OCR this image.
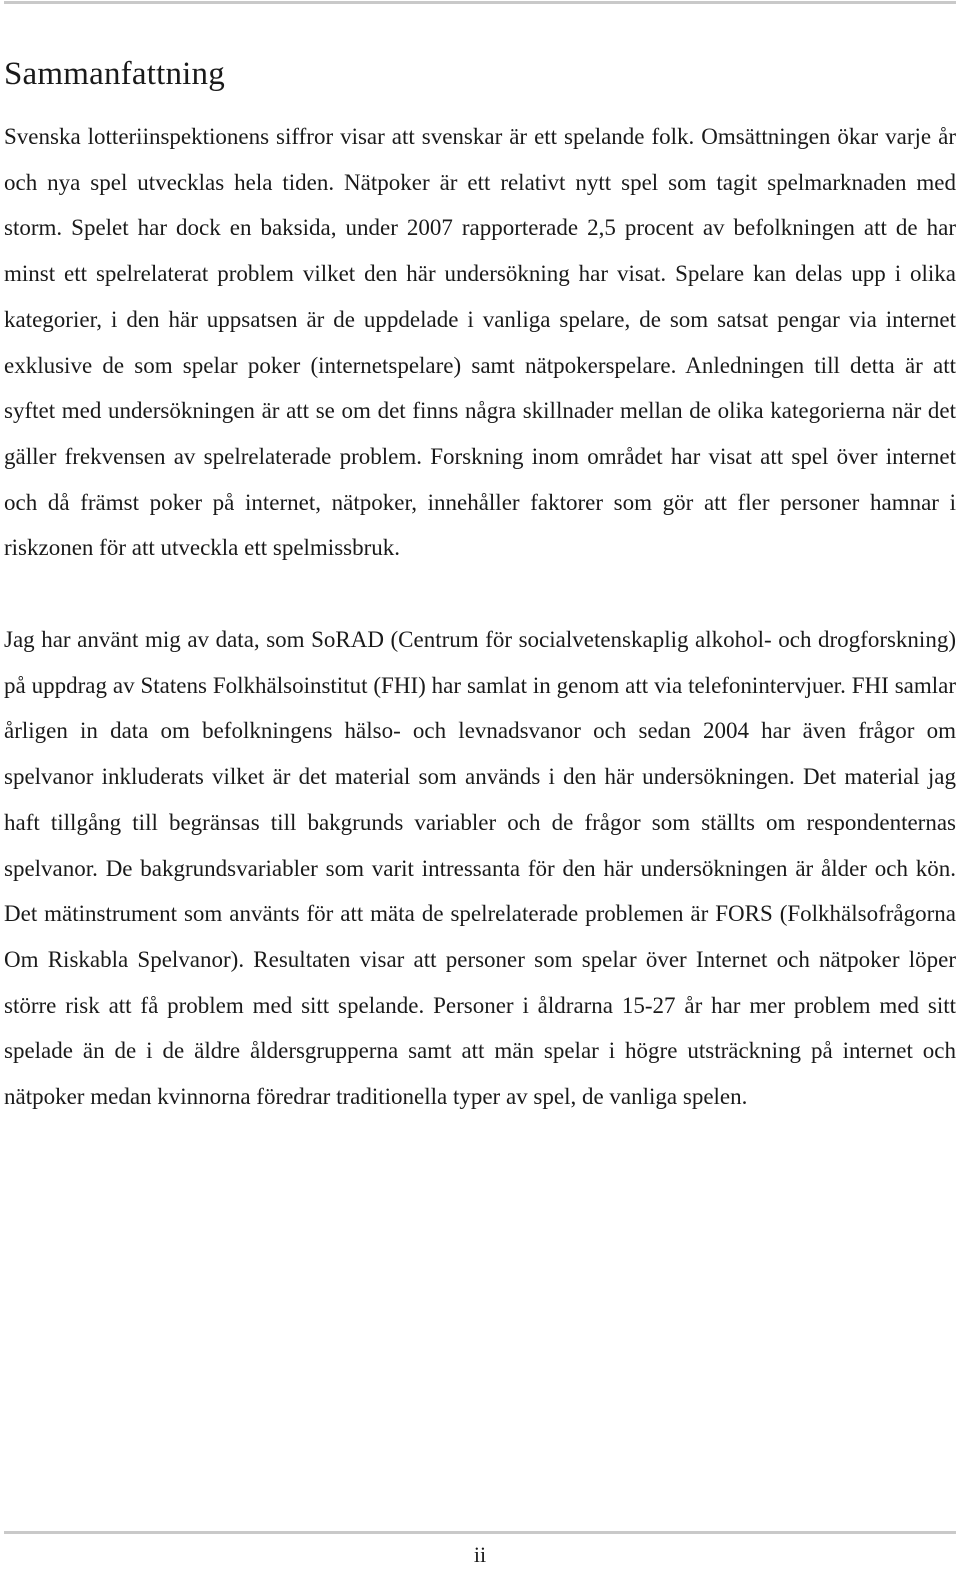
Sammanfattning

Svenska lotteriinspektionens siffror visar att svenskar är ett spelande folk. Omsättningen ökar varje år och nya spel utvecklas hela tiden. Nätpoker är ett relativt nytt spel som tagit spelmarknaden med storm. Spelet har dock en baksida, under 2007 rapporterade 2,5 procent av befolkningen att de har minst ett spelrelaterat problem vilket den här undersökning har visat. Spelare kan delas upp i olika kategorier, i den här uppsatsen är de uppdelade i vanliga spelare, de som satsat pengar via internet exklusive de som spelar poker (internetspelare) samt nätpokerspelare. Anledningen till detta är att syftet med undersökningen är att se om det finns några skillnader mellan de olika kategorierna när det gäller frekvensen av spelrelaterade problem. Forskning inom området har visat att spel över internet och då främst poker på internet, nätpoker, innehåller faktorer som gör att fler personer hamnar i riskzonen för att utveckla ett spelmissbruk.

Jag har använt mig av data, som SoRAD (Centrum för socialvetenskaplig alkohol- och drogforskning) på uppdrag av Statens Folkhälsoinstitut (FHI) har samlat in genom att via telefonintervjuer. FHI samlar årligen in data om befolkningens hälso- och levnadsvanor och sedan 2004 har även frågor om spelvanor inkluderats vilket är det material som används i den här undersökningen. Det material jag haft tillgång till begränsas till bakgrunds variabler och de frågor som ställts om respondenternas spelvanor. De bakgrundsvariabler som varit intressanta för den här undersökningen är ålder och kön. Det mätinstrument som använts för att mäta de spelrelaterade problemen är FORS (Folkhälsofrågorna Om Riskabla Spelvanor). Resultaten visar att personer som spelar över Internet och nätpoker löper större risk att få problem med sitt spelande. Personer i åldrarna 15-27 år har mer problem med sitt spelade än de i de äldre åldersgrupperna samt att män spelar i högre utsträckning på internet och nätpoker medan kvinnorna föredrar traditionella typer av spel, de vanliga spelen.

ii
